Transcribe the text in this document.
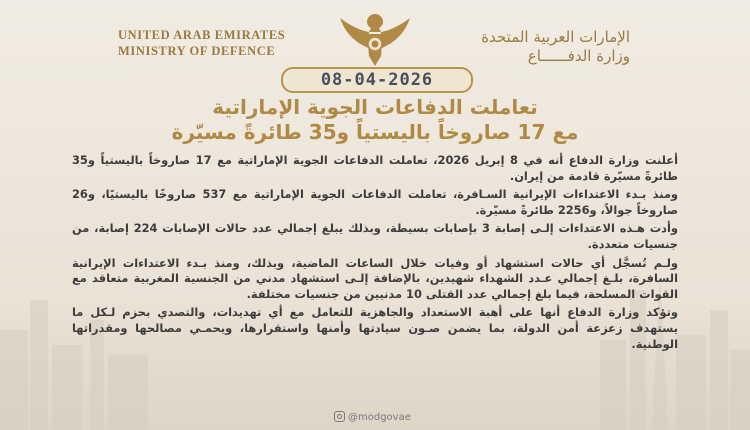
UNITED ARAB EMIRATES
MINISTRY OF DEFENCE
الإمارات العربية المتحدة
وزارة الدفــــــاع
08-04-2026
تعاملت الدفاعات الجوية الإماراتية
مع 17 صاروخاً باليستياً و35 طائرةً مسيّرة

أعلنت وزارة الدفاع أنه في 8 إبريل 2026، تعاملت الدفاعات الجوية الإماراتية مع 17 صاروخاً باليستياً و35 طائرةً مسيّرة قادمة من إيران.

ومنذ بـدء الاعتداءات الإيرانية السـافرة، تعاملت الدفاعات الجوية الإماراتية مع 537 صاروخًا باليستيًا، و26 صاروخاً جوالاً، و2256 طائرةً مسيّرة.

وأدت هـذه الاعتداءات إلـى إصابة 3 بإصابات بسيطة، وبذلك يبلغ إجمالي عدد حالات الإصابات 224 إصابة، من جنسيات متعددة.

ولـم تُسجَّل أي حالات استشهاد أو وفيات خلال الساعات الماضية، وبذلك، ومنذ بـدء الاعتداءات الإيرانية السافرة، بلـغ إجمالي عـدد الشهداء شهيدين، بالإضافة إلـى استشهاد مدني من الجنسية المغربية متعاقد مع القوات المسلحة، فيما بلغ إجمالي عدد القتلى 10 مدنيين من جنسيات مختلفة.

وتؤكد وزارة الدفاع أنها على أهبة الاستعداد والجاهزية للتعامل مع أي تهديدات، والتصدي بحزم لـكل ما يستهدف زعزعة أمن الدولة، بما يضمن صـون سيادتها وأمنها واستقرارها، ويحمـي مصالحها ومقدراتها الوطنية.

@modgovae
